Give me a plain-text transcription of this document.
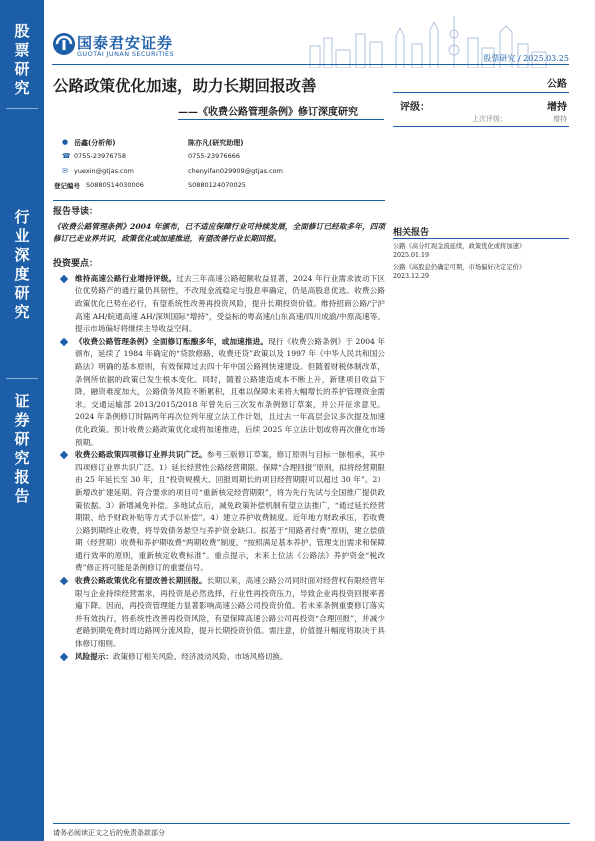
股
票
研
究
行
业
深
度
研
究
证
券
研
究
报
告
国泰君安证券
GUOTAI JUNAN SECURITIES	股票研究 / 2025.03.25
公路政策优化加速，助力长期回报改善
——《收费公路管理条例》修订深度研究
公路
评级：	增持
上次评级：	增持
● 岳鑫(分析师)	陈亦凡(研究助理)
☎ 0755-23976758	0755-23976666
✉ yuexin@gtjas.com	chenyifan029909@gtjas.com
登记编号 S0880514030006	S0880124070025
相关报告
公路《高分红现金流延续，政策优化或将加速》
2025.01.19
公路《高股息仍确定可期，市场偏好决定定价》
2023.12.29
报告导读：
《收费公路管理条例》2004 年颁布，已不适应保障行业可持续发展，全面修订已经取多年，四项修订已走业界共识，政策优化或加速推进，有望改善行业长期回报。
投资要点：
维持高速公路行业增持评级。过去三年高速公路超额收益显著，2024 年行业需求波动下区位优势路产的通行量仍具韧性，不改现金流稳定与股息率确定，仍是高股息优选。收费公路政策优化已势在必行，有望系统性改善再投资风险，提升长期投资价值。维持招商公路/宁沪高速 AH/皖通高速 AH/深圳国际“增持”，受益标的粤高速/山东高速/四川成渝/中原高速等。提示市场偏好将继续主导收益空间。
《收费公路管理条例》全面修订酝酿多年，或加速推进。现行《收费公路条例》于 2004 年颁布，延续了 1984 年确定的“贷款修路、收费还贷”政策以及 1997 年《中华人民共和国公路法》明确的基本原则，有效保障过去四十年中国公路网快速建设。但随着财税体制改革，条例所依据的政策已发生根本变化。同时，随着公路建造成本不断上升，新建项目收益下降，融资难度加大，公路债务风险不断累积，且难以保障未来将大幅增长的养护管理资金需求。交通运输部 2013/2015/2018 年曾先后三次发布条例修订草案，并公开征求意见。2024 年条例修订时隔两年再次位列年度立法工作计划，且过去一年高层会议多次提及加速优化政策。预计收费公路政策优化或将加速推进，后续 2025 年立法计划或将再次催化市场预期。
收费公路政策四项修订业界共识广泛。参考三版修订草案，修订原则与目标一脉相承，其中四项修订业界共识广泛。1）延长经营性公路经营期限。保障“合理回报”原则，拟将经营期限由 25 年延长至 30 年，且“投资规模大、回报周期长的项目经营期限可以超过 30 年”。2）新增改扩建延期。符合要求的项目可“重新核定经营期限”，将为先行先试与全国推广提供政策依据。3）新增减免补偿。多地试点后，减免政策补偿机制有望立法推广，“通过延长经营期限、给予财政补贴等方式予以补偿”。4）建立养护收费制度。近年地方财政承压，若收费公路到期终止收费，将导致债务悬空与养护资金缺口。拟基于“用路者付费”原则，建立偿债期（经营期）收费和养护期收费“两期收费”制度，“按照满足基本养护、管理支出需求和保障通行效率的原则，重新核定收费标准”。重点提示，未来上位法《公路法》养护资金“税改费”修正将可能是条例修订的重要信号。
收费公路政策优化有望改善长期回报。长期以来，高速公路公司同时面对经营权有限经营年限与企业持续经营需求，再投资是必然选择，行业性再投资压力，导致企业再投资回报率普遍下降。因而，再投资管理能力显著影响高速公路公司投资价值。若未来条例重要修订落实并有效执行，将系统性改善再投资风险，有望保障高速公路公司再投资“合理回报”，并减少老路到期免费时周边路网分流风险，提升长期投资价值。需注意，价值提升幅度将取决于具体修订细则。
风险提示：政策修订相关风险、经济波动风险、市场风格切换。
请务必阅读正文之后的免责条款部分
